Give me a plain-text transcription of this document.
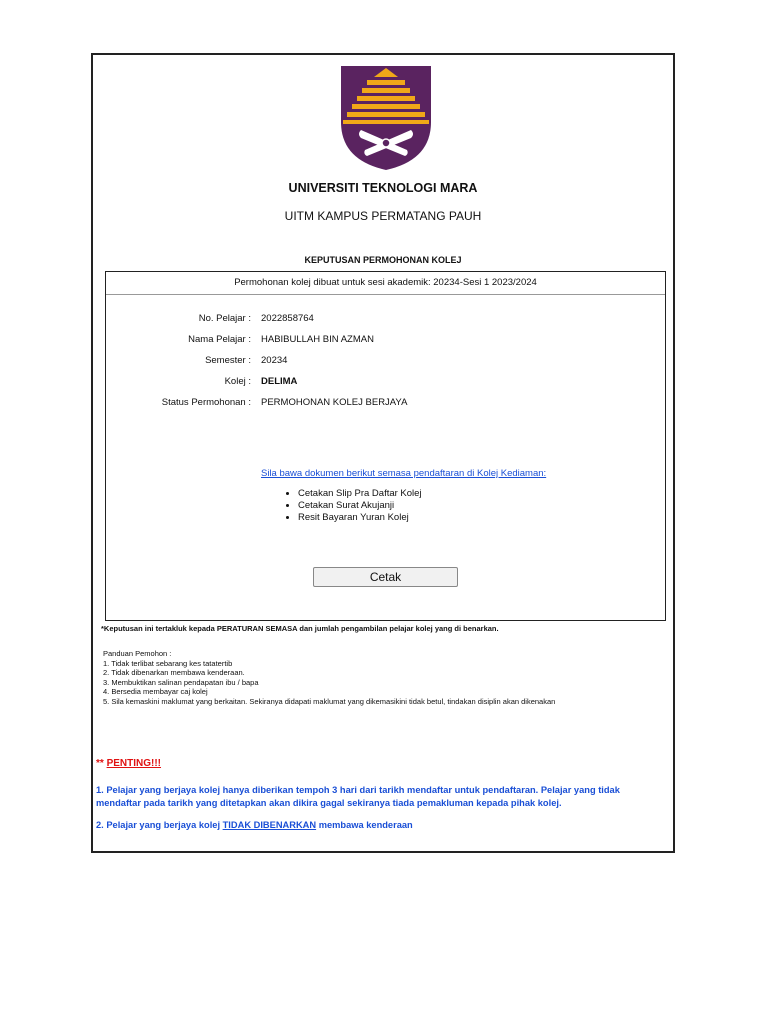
UNIVERSITI TEKNOLOGI MARA
UITM KAMPUS PERMATANG PAUH
KEPUTUSAN PERMOHONAN KOLEJ
Permohonan kolej dibuat untuk sesi akademik: 20234-Sesi 1 2023/2024
No. Pelajar : 2022858764
Nama Pelajar : HABIBULLAH BIN AZMAN
Semester : 20234
Kolej : DELIMA
Status Permohonan : PERMOHONAN KOLEJ BERJAYA
Sila bawa dokumen berikut semasa pendaftaran di Kolej Kediaman:
• Cetakan Slip Pra Daftar Kolej
• Cetakan Surat Akujanji
• Resit Bayaran Yuran Kolej
Cetak
*Keputusan ini tertakluk kepada PERATURAN SEMASA dan jumlah pengambilan pelajar kolej yang di benarkan.
Panduan Pemohon :
1. Tidak terlibat sebarang kes tatatertib
2. Tidak dibenarkan membawa kenderaan.
3. Membuktikan salinan pendapatan ibu / bapa
4. Bersedia membayar caj kolej
5. Sila kemaskini maklumat yang berkaitan. Sekiranya didapati maklumat yang dikemasikini tidak betul, tindakan disiplin akan dikenakan
** PENTING!!!
1. Pelajar yang berjaya kolej hanya diberikan tempoh 3 hari dari tarikh mendaftar untuk pendaftaran. Pelajar yang tidak mendaftar pada tarikh yang ditetapkan akan dikira gagal sekiranya tiada pemakluman kepada pihak kolej.
2. Pelajar yang berjaya kolej TIDAK DIBENARKAN membawa kenderaan
